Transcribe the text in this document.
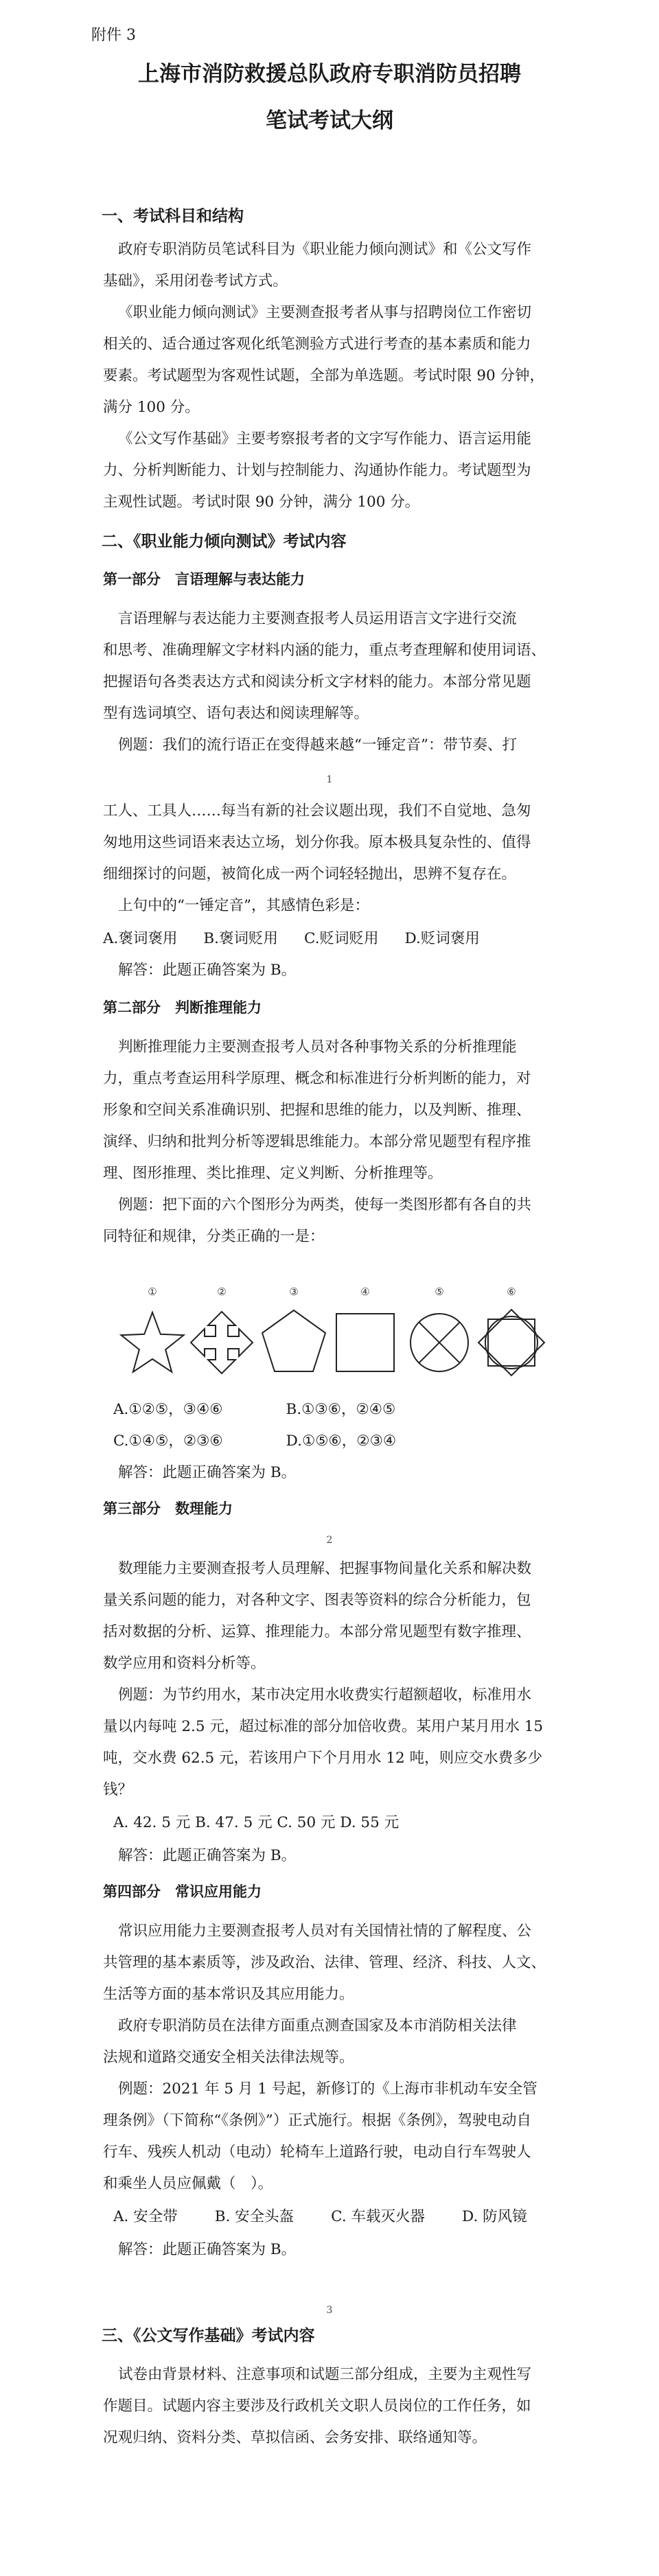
附件 3
上海市消防救援总队政府专职消防员招聘
笔试考试大纲
一、考试科目和结构
政府专职消防员笔试科目为《职业能力倾向测试》和《公文写作
基础》，采用闭卷考试方式。
《职业能力倾向测试》主要测查报考者从事与招聘岗位工作密切
相关的、适合通过客观化纸笔测验方式进行考查的基本素质和能力
要素。考试题型为客观性试题，全部为单选题。考试时限 90 分钟，
满分 100 分。
《公文写作基础》主要考察报考者的文字写作能力、语言运用能
力、分析判断能力、计划与控制能力、沟通协作能力。考试题型为
主观性试题。考试时限 90 分钟，满分 100 分。
二、《职业能力倾向测试》考试内容
第一部分　言语理解与表达能力
言语理解与表达能力主要测查报考人员运用语言文字进行交流
和思考、准确理解文字材料内涵的能力，重点考查理解和使用词语、
把握语句各类表达方式和阅读分析文字材料的能力。本部分常见题
型有选词填空、语句表达和阅读理解等。
例题：我们的流行语正在变得越来越“一锤定音”：带节奏、打
1
工人、工具人……每当有新的社会议题出现，我们不自觉地、急匆
匆地用这些词语来表达立场，划分你我。原本极具复杂性的、值得
细细探讨的问题，被简化成一两个词轻轻抛出，思辨不复存在。
上句中的“一锤定音”，其感情色彩是：
A.褒词褒用 B.褒词贬用 C.贬词贬用 D.贬词褒用
解答：此题正确答案为 B。
第二部分　判断推理能力
判断推理能力主要测查报考人员对各种事物关系的分析推理能
力，重点考查运用科学原理、概念和标准进行分析判断的能力，对
形象和空间关系准确识别、把握和思维的能力，以及判断、推理、
演绎、归纳和批判分析等逻辑思维能力。本部分常见题型有程序推
理、图形推理、类比推理、定义判断、分析推理等。
例题：把下面的六个图形分为两类，使每一类图形都有各自的共
同特征和规律，分类正确的一是：
①	②	③	④	⑤	⑥
A.①②⑤，③④⑥	B.①③⑥，②④⑤
C.①④⑤，②③⑥	D.①⑤⑥，②③④
解答：此题正确答案为 B。
第三部分　数理能力
2
数理能力主要测查报考人员理解、把握事物间量化关系和解决数
量关系问题的能力，对各种文字、图表等资料的综合分析能力，包
括对数据的分析、运算、推理能力。本部分常见题型有数字推理、
数学应用和资料分析等。
例题：为节约用水，某市决定用水收费实行超额超收，标准用水
量以内每吨 2.5 元，超过标准的部分加倍收费。某用户某月用水 15
吨，交水费 62.5 元，若该用户下个月用水 12 吨，则应交水费多少
钱？
A. 42. 5 元 B. 47. 5 元 C. 50 元 D. 55 元
解答：此题正确答案为 B。
第四部分　常识应用能力
常识应用能力主要测查报考人员对有关国情社情的了解程度、公
共管理的基本素质等，涉及政治、法律、管理、经济、科技、人文、
生活等方面的基本常识及其应用能力。
政府专职消防员在法律方面重点测查国家及本市消防相关法律
法规和道路交通安全相关法律法规等。
例题：2021 年 5 月 1 号起，新修订的《上海市非机动车安全管
理条例》（下简称“《条例》”）正式施行。根据《条例》，驾驶电动自
行车、残疾人机动（电动）轮椅车上道路行驶，电动自行车驾驶人
和乘坐人员应佩戴（　）。
A. 安全带	B. 安全头盔	C. 车载灭火器	D. 防风镜
解答：此题正确答案为 B。
3
三、《公文写作基础》考试内容
试卷由背景材料、注意事项和试题三部分组成，主要为主观性写
作题目。试题内容主要涉及行政机关文职人员岗位的工作任务，如
况观归纳、资料分类、草拟信函、会务安排、联络通知等。
